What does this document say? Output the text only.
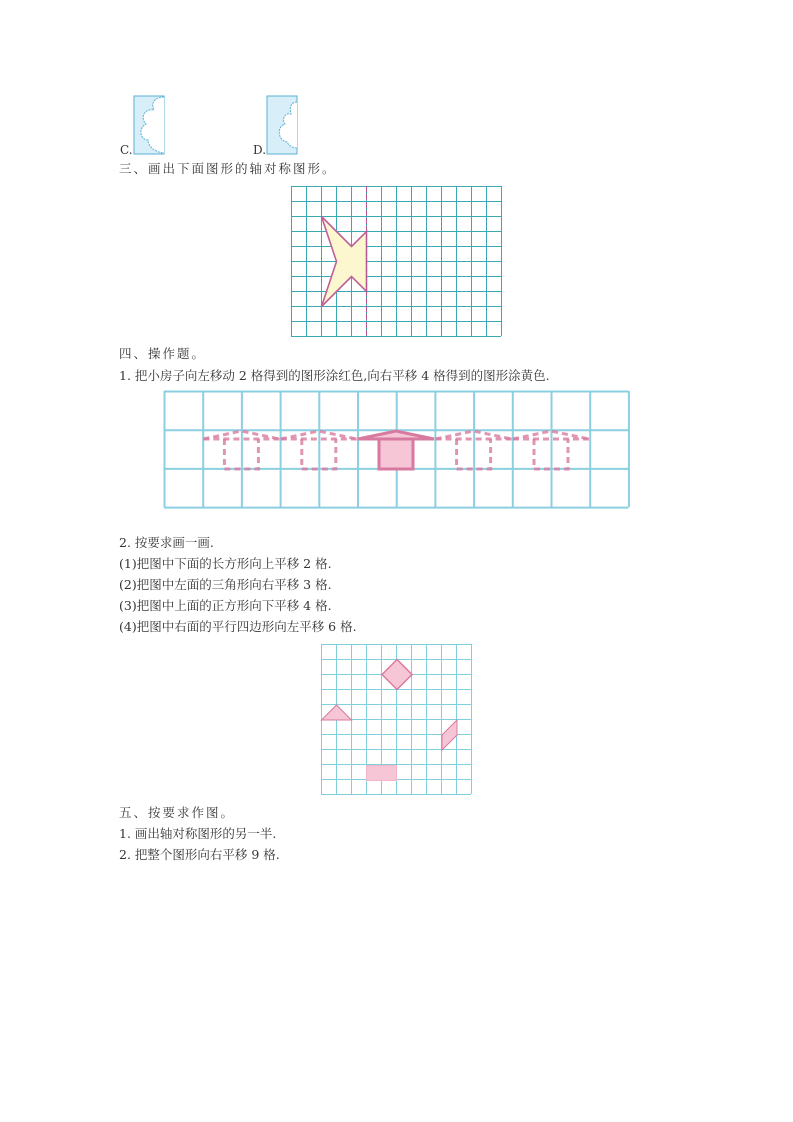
C.	D.
三、画出下面图形的轴对称图形。
四、操作题。
1. 把小房子向左移动 2 格得到的图形涂红色,向右平移 4 格得到的图形涂黄色.
2. 按要求画一画.
(1)把图中下面的长方形向上平移 2 格.
(2)把图中左面的三角形向右平移 3 格.
(3)把图中上面的正方形向下平移 4 格.
(4)把图中右面的平行四边形向左平移 6 格.
五、按要求作图。
1. 画出轴对称图形的另一半.
2. 把整个图形向右平移 9 格.
